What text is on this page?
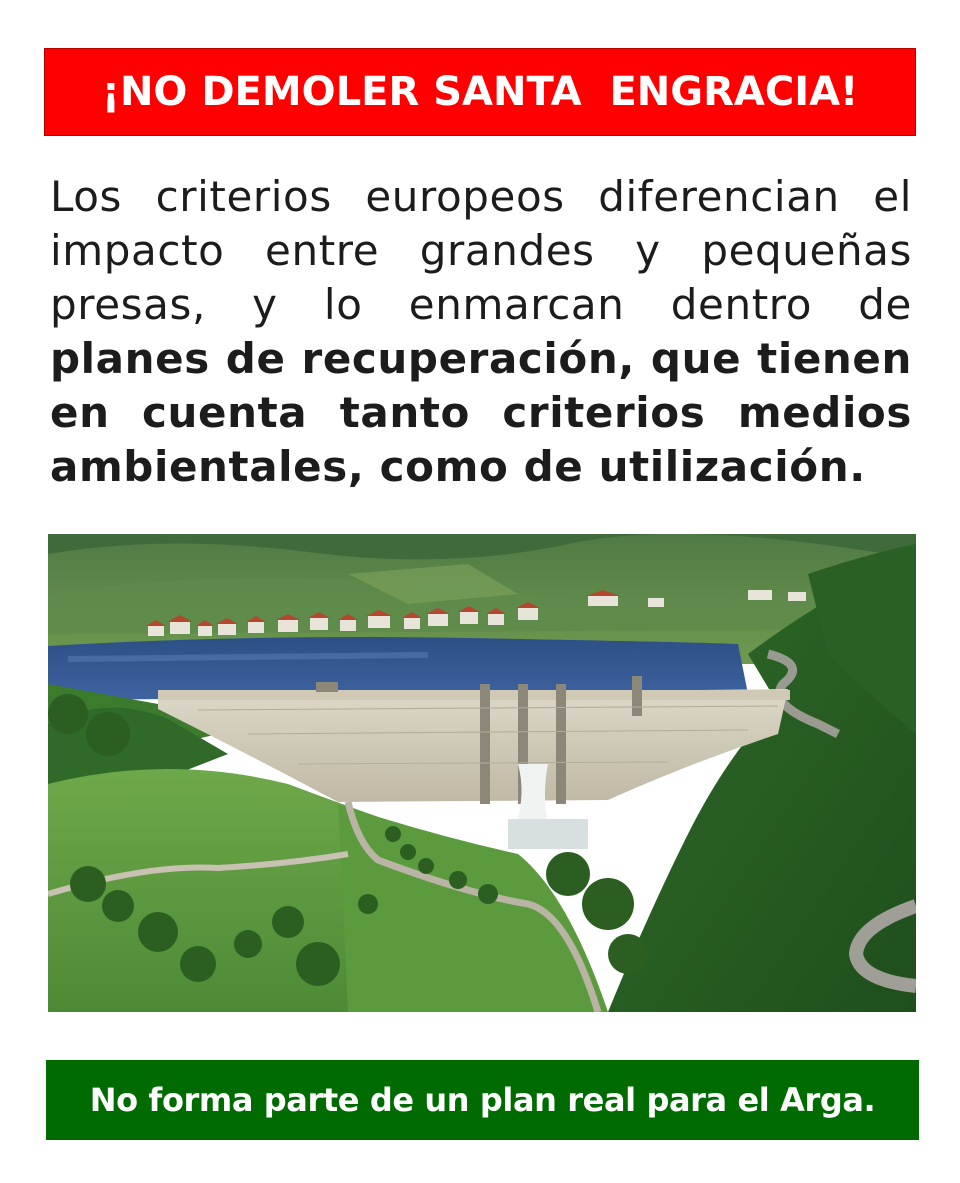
¡NO DEMOLER SANTA  ENGRACIA!

Los criterios europeos diferencian el impacto entre grandes y pequeñas presas, y lo enmarcan dentro de planes de recuperación, que tienen en cuenta tanto criterios medios ambientales, como de utilización.

No forma parte de un plan real para el Arga.
